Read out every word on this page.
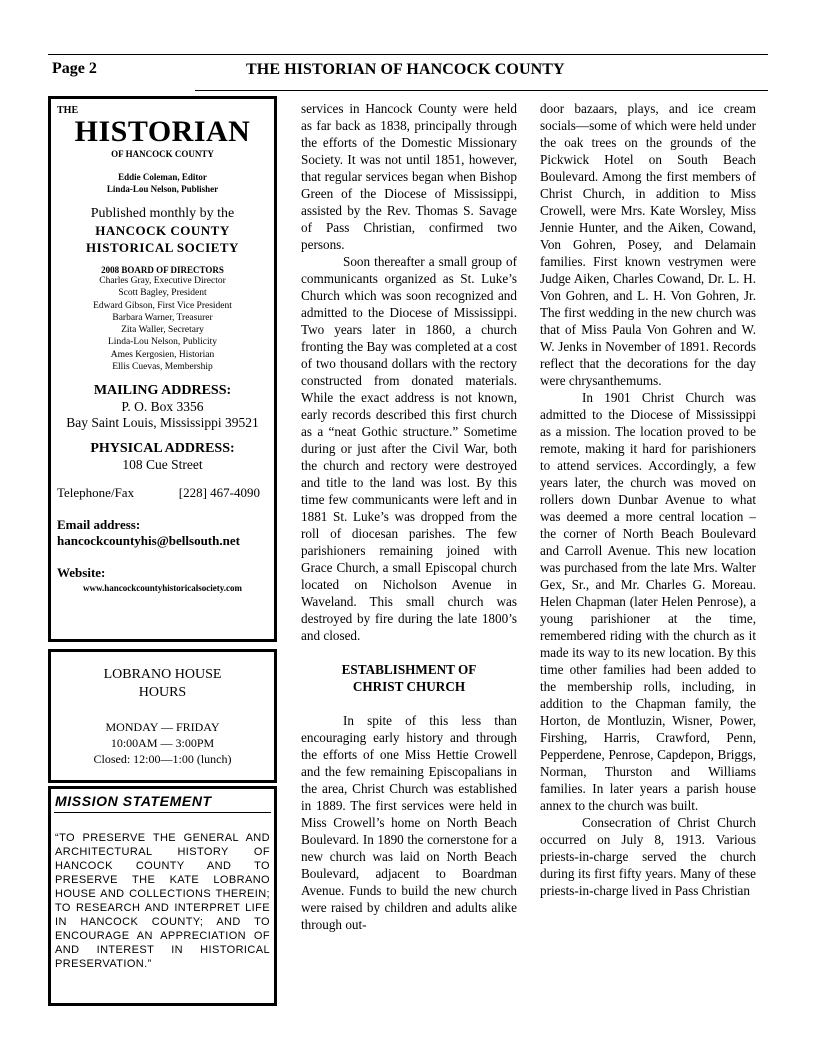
Page 2	THE HISTORIAN OF HANCOCK COUNTY
THE
HISTORIAN
OF HANCOCK COUNTY
Eddie Coleman, Editor
Linda-Lou Nelson, Publisher
Published monthly by the
HANCOCK COUNTY
HISTORICAL SOCIETY
2008 BOARD OF DIRECTORS
Charles Gray, Executive Director
Scott Bagley, President
Edward Gibson, First Vice President
Barbara Warner, Treasurer
Zita Waller, Secretary
Linda-Lou Nelson, Publicity
Ames Kergosien, Historian
Ellis Cuevas, Membership
MAILING ADDRESS:
P. O. Box 3356
Bay Saint Louis, Mississippi 39521
PHYSICAL ADDRESS:
108 Cue Street
Telephone/Fax	[228] 467-4090
Email address:
hancockcountyhis@bellsouth.net
Website:
www.hancockcountyhistoricalsociety.com
LOBRANO HOUSE
HOURS
MONDAY — FRIDAY
10:00AM — 3:00PM
Closed: 12:00—1:00 (lunch)
MISSION STATEMENT
“TO PRESERVE THE GENERAL AND ARCHITECTURAL HISTORY OF HANCOCK COUNTY AND TO PRESERVE THE KATE LOBRANO HOUSE AND COLLECTIONS THEREIN; TO RESEARCH AND INTERPRET LIFE IN HANCOCK COUNTY; AND TO ENCOURAGE AN APPRECIATION OF AND INTEREST IN HISTORICAL PRESERVATION.”

services in Hancock County were held as far back as 1838, principally through the efforts of the Domestic Missionary Society. It was not until 1851, however, that regular services began when Bishop Green of the Diocese of Mississippi, assisted by the Rev. Thomas S. Savage of Pass Christian, confirmed two persons.

Soon thereafter a small group of communicants organized as St. Luke’s Church which was soon recognized and admitted to the Diocese of Mississippi. Two years later in 1860, a church fronting the Bay was completed at a cost of two thousand dollars with the rectory constructed from donated materials. While the exact address is not known, early records described this first church as a “neat Gothic structure.” Sometime during or just after the Civil War, both the church and rectory were destroyed and title to the land was lost. By this time few communicants were left and in 1881 St. Luke’s was dropped from the roll of diocesan parishes. The few parishioners remaining joined with Grace Church, a small Episcopal church located on Nicholson Avenue in Waveland. This small church was destroyed by fire during the late 1800’s and closed.

ESTABLISHMENT OF
CHRIST CHURCH

In spite of this less than encouraging early history and through the efforts of one Miss Hettie Crowell and the few remaining Episcopalians in the area, Christ Church was established in 1889. The first services were held in Miss Crowell’s home on North Beach Boulevard. In 1890 the cornerstone for a new church was laid on North Beach Boulevard, adjacent to Boardman Avenue. Funds to build the new church were raised by children and adults alike through out-

door bazaars, plays, and ice cream socials—some of which were held under the oak trees on the grounds of the Pickwick Hotel on South Beach Boulevard. Among the first members of Christ Church, in addition to Miss Crowell, were Mrs. Kate Worsley, Miss Jennie Hunter, and the Aiken, Cowand, Von Gohren, Posey, and Delamain families. First known vestrymen were Judge Aiken, Charles Cowand, Dr. L. H. Von Gohren, and L. H. Von Gohren, Jr. The first wedding in the new church was that of Miss Paula Von Gohren and W. W. Jenks in November of 1891. Records reflect that the decorations for the day were chrysanthemums.

In 1901 Christ Church was admitted to the Diocese of Mississippi as a mission. The location proved to be remote, making it hard for parishioners to attend services. Accordingly, a few years later, the church was moved on rollers down Dunbar Avenue to what was deemed a more central location – the corner of North Beach Boulevard and Carroll Avenue. This new location was purchased from the late Mrs. Walter Gex, Sr., and Mr. Charles G. Moreau. Helen Chapman (later Helen Penrose), a young parishioner at the time, remembered riding with the church as it made its way to its new location. By this time other families had been added to the membership rolls, including, in addition to the Chapman family, the Horton, de Montluzin, Wisner, Power, Firshing, Harris, Crawford, Penn, Pepperdene, Penrose, Capdepon, Briggs, Norman, Thurston and Williams families. In later years a parish house annex to the church was built.

Consecration of Christ Church occurred on July 8, 1913. Various priests-in-charge served the church during its first fifty years. Many of these priests-in-charge lived in Pass Christian
